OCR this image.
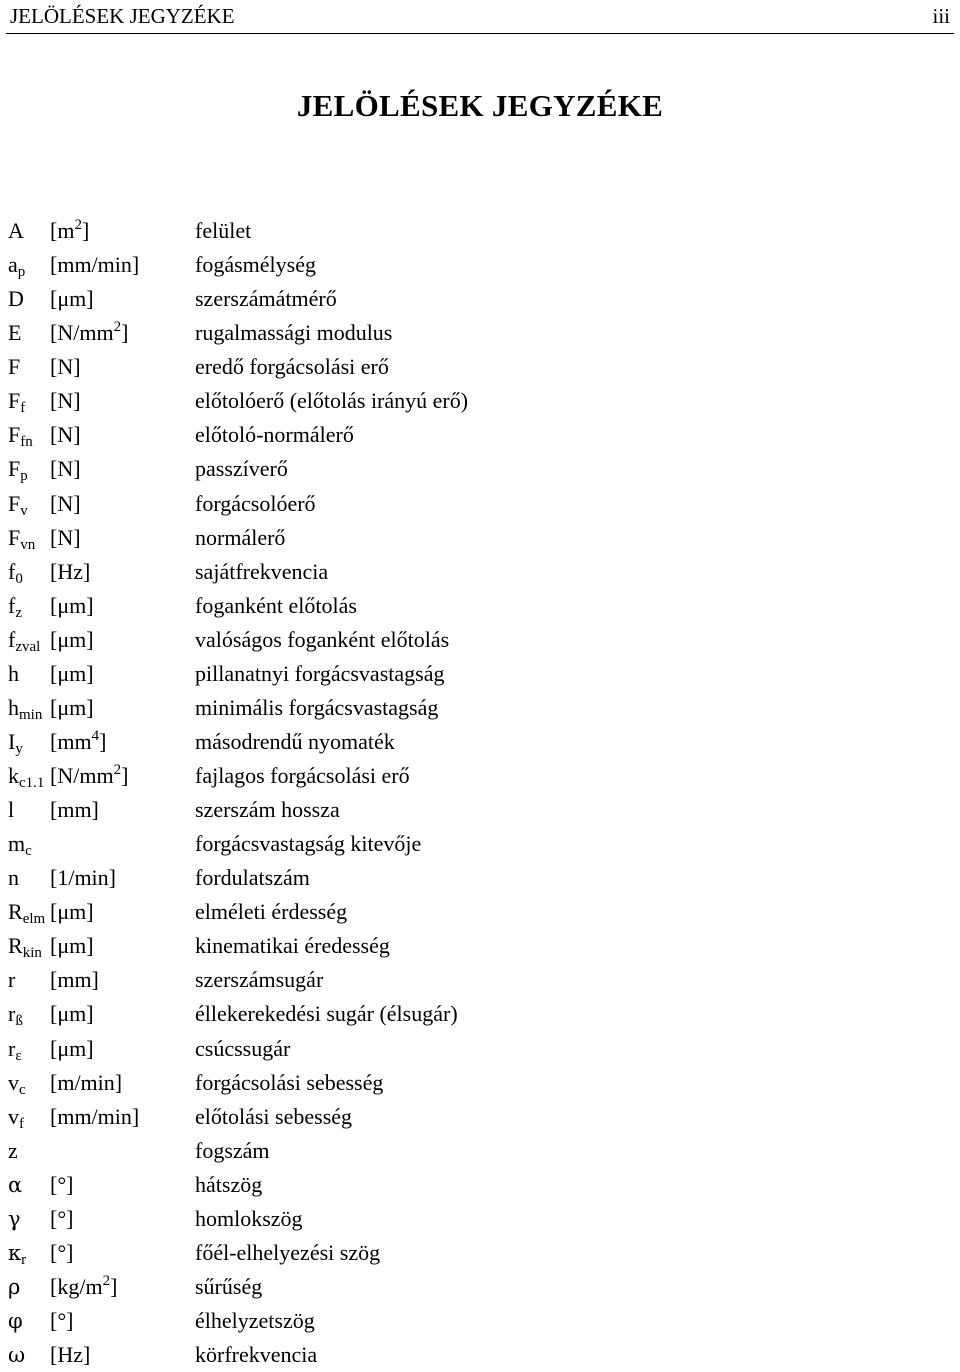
JELÖLÉSEK JEGYZÉKE	iii
JELÖLÉSEK JEGYZÉKE
A $[m^2]$	felület
ap [mm/min]	fogásmélység
D [μm]	szerszámátmérő
E $[N/mm^2]$	rugalmassági modulus
F [N]	eredő forgácsolási erő
Ff [N]	előtolóerő (előtolás irányú erő)
Ffn [N]	előtoló-normálerő
Fp [N]	passzíverő
Fv [N]	forgácsolóerő
Fvn [N]	normálerő
f0 [Hz]	sajátfrekvencia
fz [μm]	foganként előtolás
fzval [μm]	valóságos foganként előtolás
h [μm]	pillanatnyi forgácsvastagság
hmin [μm]	minimális forgácsvastagság
Iy $[mm^4]$	másodrendű nyomaték
kc1.1 $[N/mm^2]$	fajlagos forgácsolási erő
l [mm]	szerszám hossza
mc	forgácsvastagság kitevője
n [1/min]	fordulatszám
Relm [μm]	elméleti érdesség
Rkin [μm]	kinematikai éredesség
r [mm]	szerszámsugár
rß [μm]	éllekerekedési sugár (élsugár)
rε [μm]	csúcssugár
vc [m/min]	forgácsolási sebesség
vf [mm/min]	előtolási sebesség
z	fogszám
α [°]	hátszög
γ [°]	homlokszög
κr [°]	főél-elhelyezési szög
ρ $[kg/m^2]$	sűrűség
φ [°]	élhelyzetszög
ω [Hz]	körfrekvencia
